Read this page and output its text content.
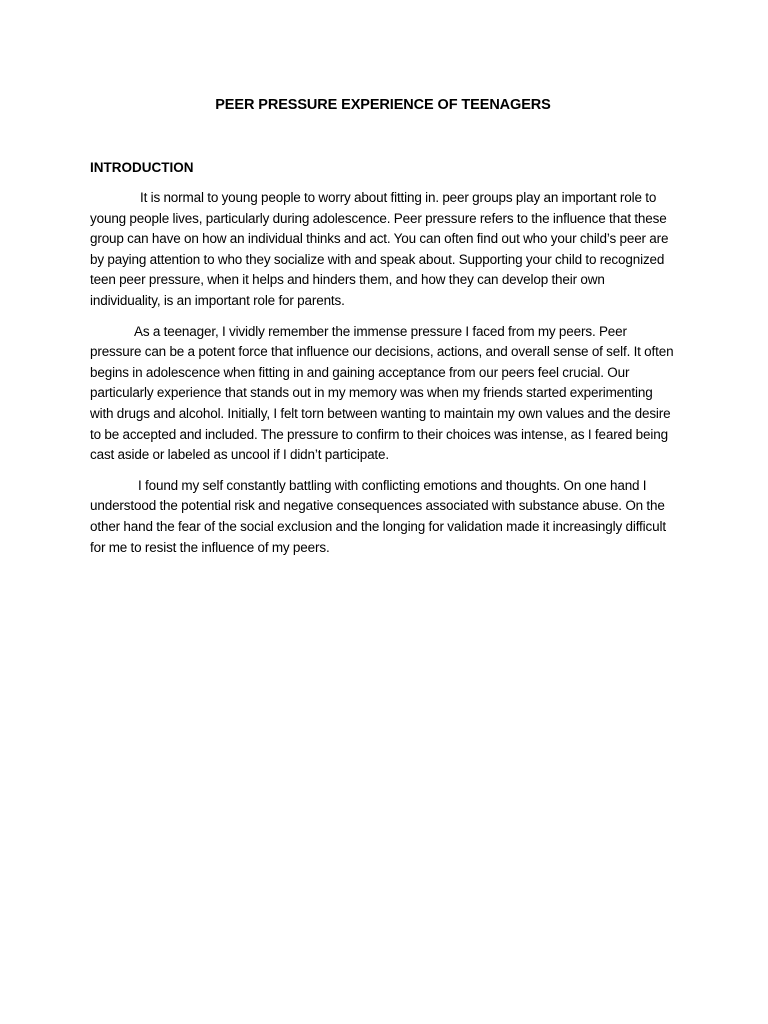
PEER PRESSURE EXPERIENCE OF TEENAGERS
INTRODUCTION

It is normal to young people to worry about fitting in. peer groups play an important role to young people lives, particularly during adolescence. Peer pressure refers to the influence that these group can have on how an individual thinks and act. You can often find out who your child’s peer are by paying attention to who they socialize with and speak about. Supporting your child to recognized teen peer pressure, when it helps and hinders them, and how they can develop their own individuality, is an important role for parents.

As a teenager, I vividly remember the immense pressure I faced from my peers. Peer pressure can be a potent force that influence our decisions, actions, and overall sense of self. It often begins in adolescence when fitting in and gaining acceptance from our peers feel crucial. Our particularly experience that stands out in my memory was when my friends started experimenting with drugs and alcohol. Initially, I felt torn between wanting to maintain my own values and the desire to be accepted and included. The pressure to confirm to their choices was intense, as I feared being cast aside or labeled as uncool if I didn’t participate.

I found my self constantly battling with conflicting emotions and thoughts. On one hand I understood the potential risk and negative consequences associated with substance abuse. On the other hand the fear of the social exclusion and the longing for validation made it increasingly difficult for me to resist the influence of my peers.
